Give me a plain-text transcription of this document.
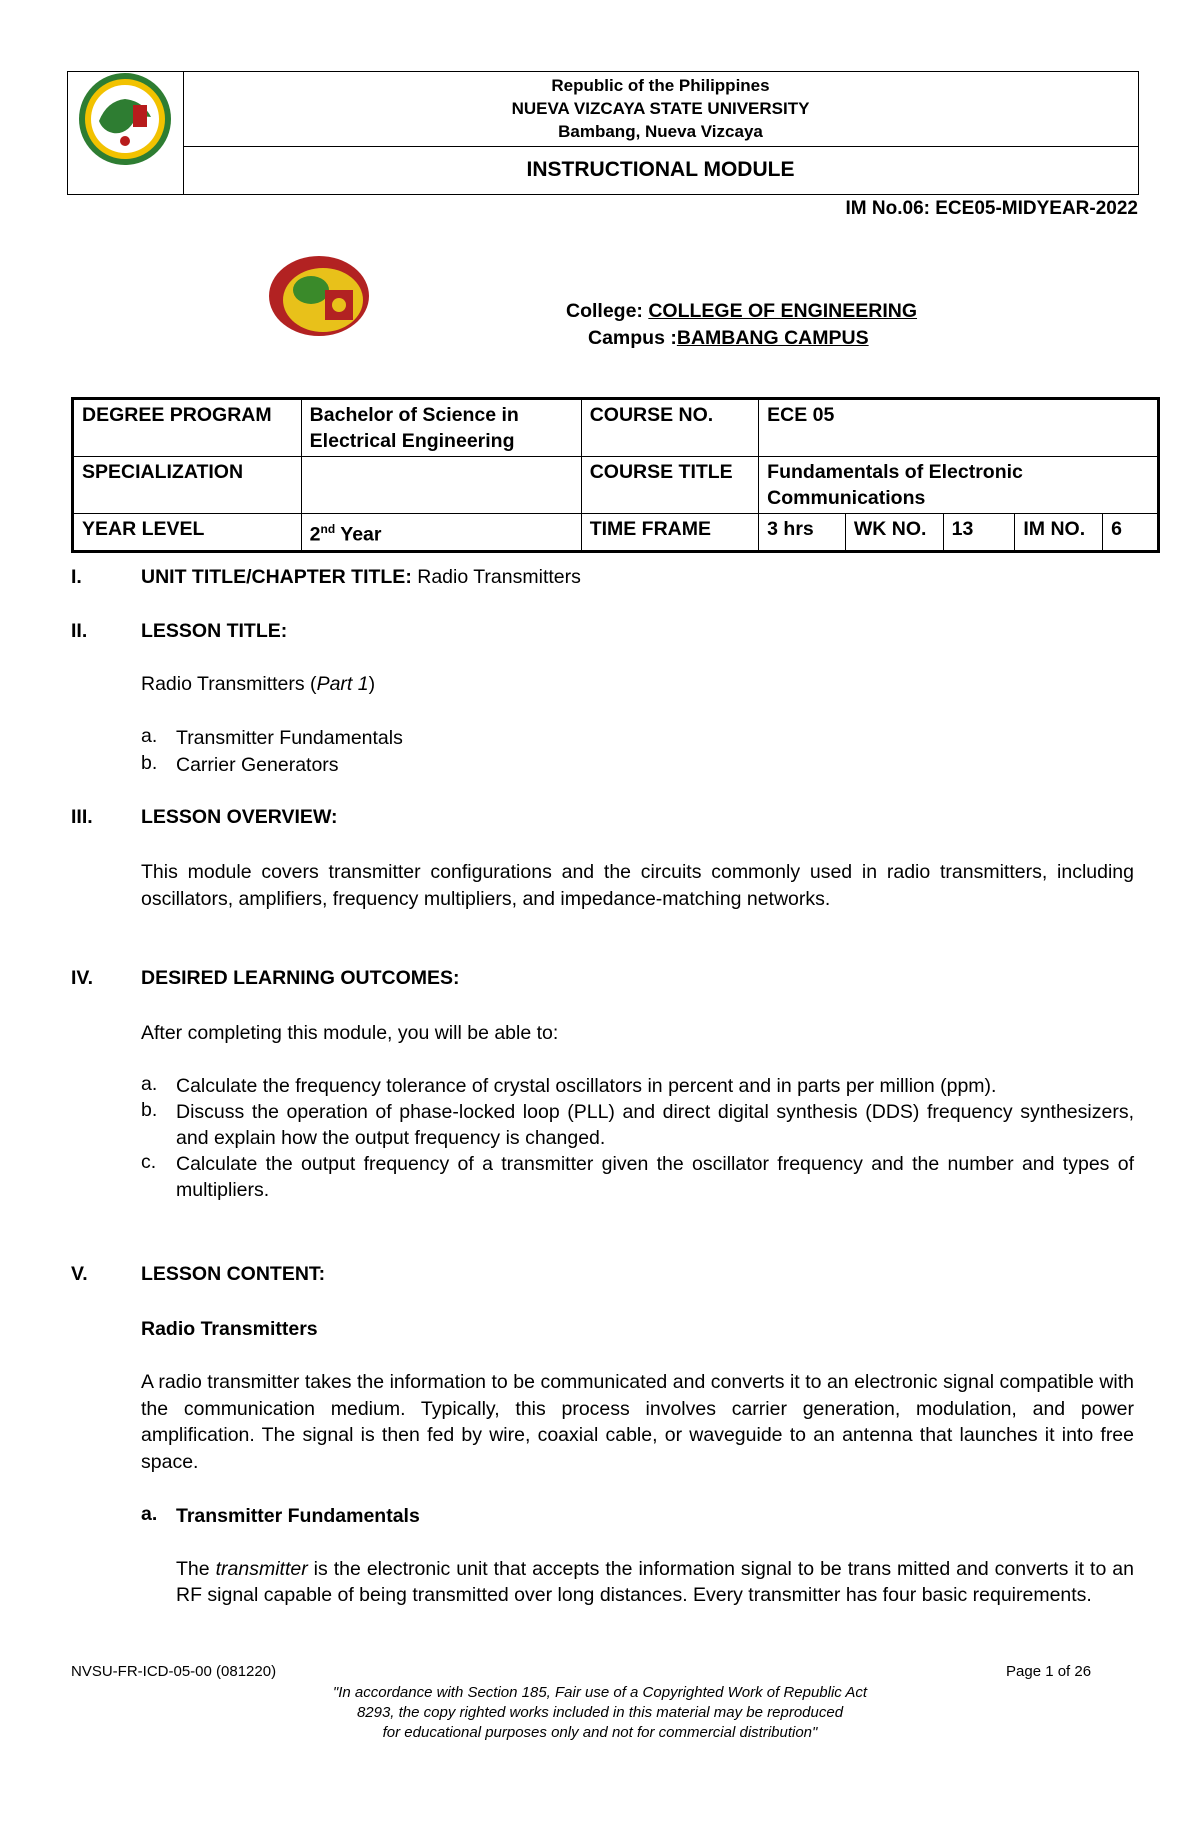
Republic of the Philippines
NUEVA VIZCAYA STATE UNIVERSITY
Bambang, Nueva Vizcaya
INSTRUCTIONAL MODULE
IM No.06: ECE05-MIDYEAR-2022
College: COLLEGE OF ENGINEERING
Campus :BAMBANG CAMPUS
DEGREE PROGRAM	Bachelor of Science in Electrical Engineering	COURSE NO.	ECE 05				
SPECIALIZATION		COURSE TITLE	Fundamentals of Electronic Communications				
YEAR LEVEL	2nd Year	TIME FRAME	3 hrs	WK NO.	13	IM NO.	6
I.	UNIT TITLE/CHAPTER TITLE: Radio Transmitters
II.	LESSON TITLE:
Radio Transmitters (Part 1)
a. Transmitter Fundamentals
b. Carrier Generators
III. LESSON OVERVIEW:
This module covers transmitter configurations and the circuits commonly used in radio transmitters, including oscillators, amplifiers, frequency multipliers, and impedance-matching networks.
IV. DESIRED LEARNING OUTCOMES:
After completing this module, you will be able to:
a. Calculate the frequency tolerance of crystal oscillators in percent and in parts per million (ppm).
b. Discuss the operation of phase-locked loop (PLL) and direct digital synthesis (DDS) frequency synthesizers, and explain how the output frequency is changed.
c. Calculate the output frequency of a transmitter given the oscillator frequency and the number and types of multipliers.
V.	LESSON CONTENT:
Radio Transmitters
A radio transmitter takes the information to be communicated and converts it to an electronic signal compatible with the communication medium. Typically, this process involves carrier generation, modulation, and power amplification. The signal is then fed by wire, coaxial cable, or waveguide to an antenna that launches it into free space.
a. Transmitter Fundamentals
The transmitter is the electronic unit that accepts the information signal to be trans mitted and converts it to an RF signal capable of being transmitted over long distances. Every transmitter has four basic requirements.
NVSU-FR-ICD-05-00 (081220)	Page 1 of 26
"In accordance with Section 185, Fair use of a Copyrighted Work of Republic Act
8293, the copy righted works included in this material may be reproduced
for educational purposes only and not for commercial distribution"
